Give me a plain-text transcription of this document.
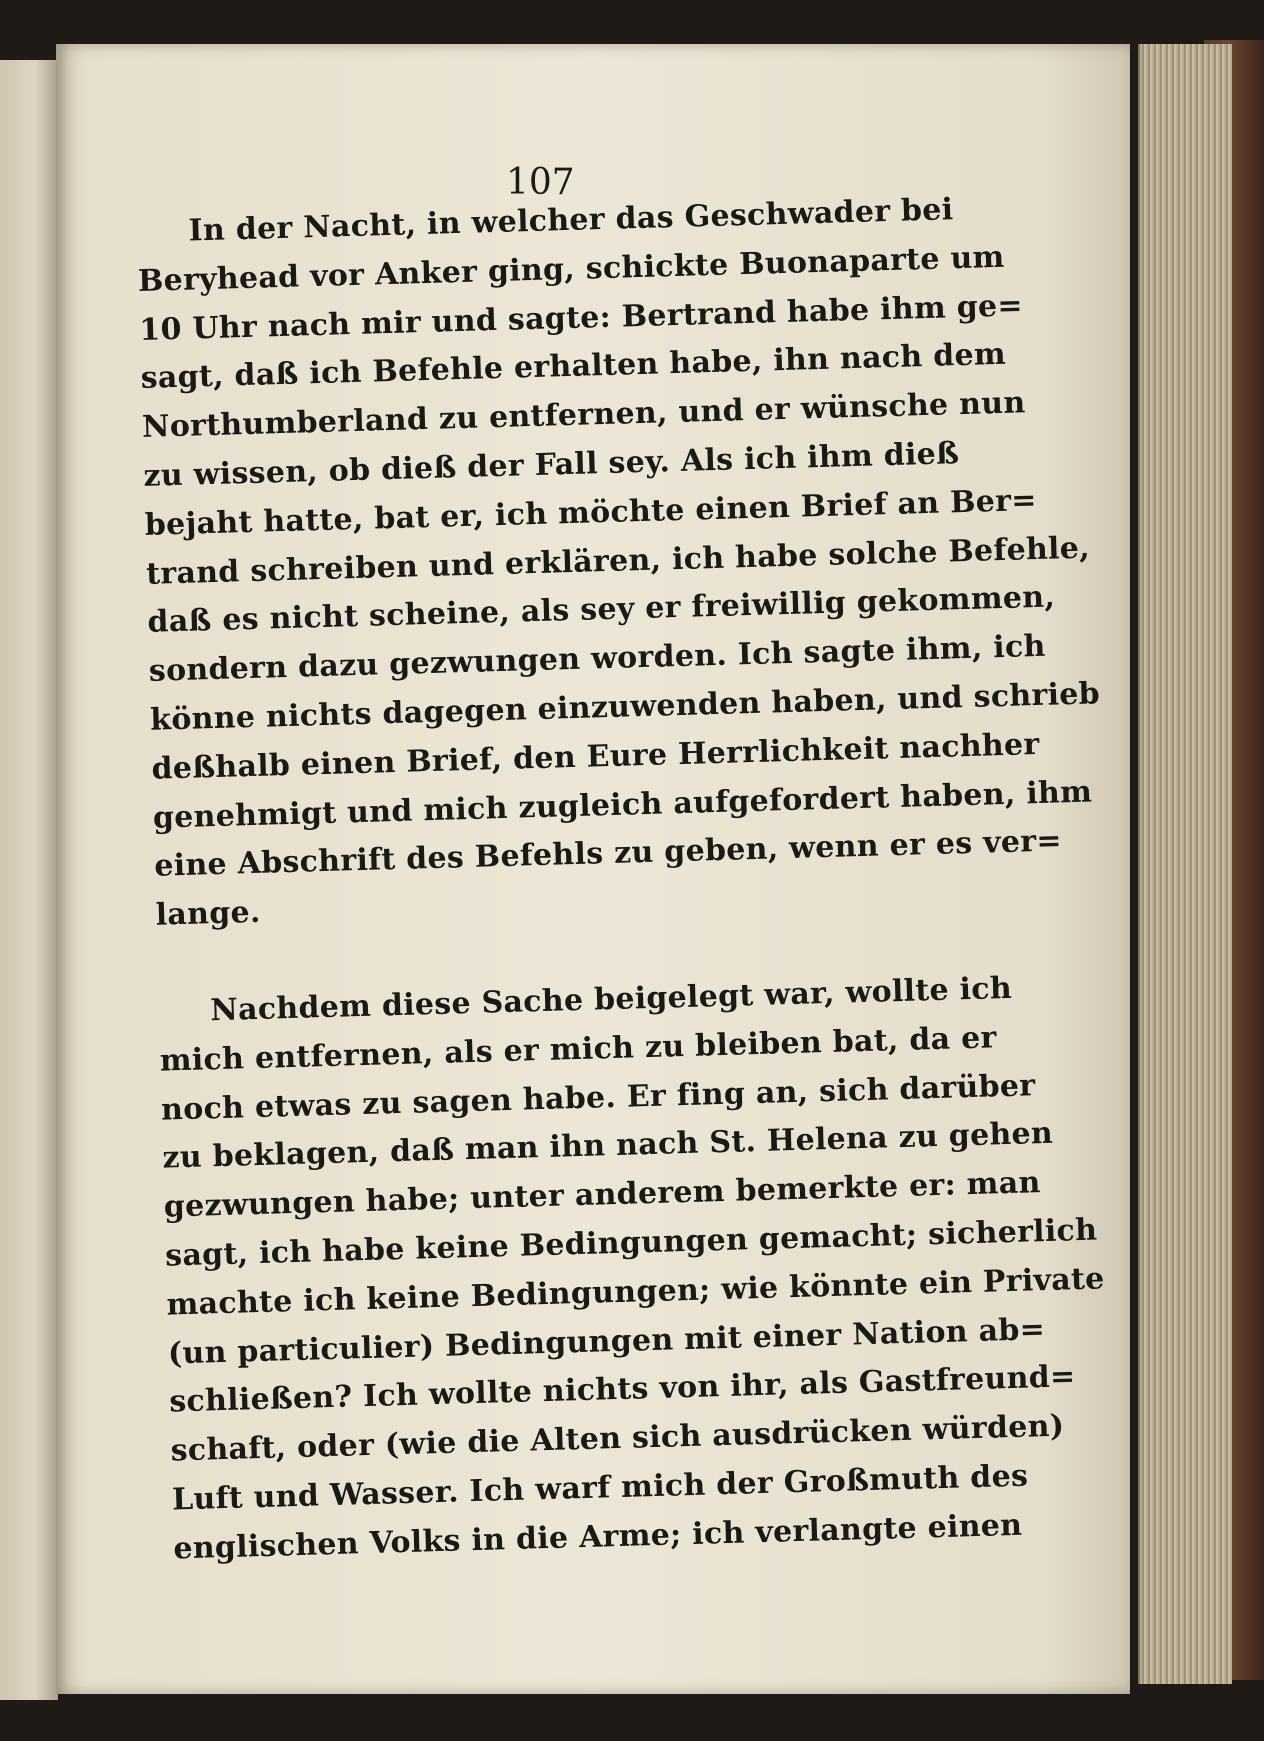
107
In der Nacht, in welcher das Geschwader bei
Beryhead vor Anker ging, schickte Buonaparte um
10 Uhr nach mir und sagte: Bertrand habe ihm ge=
sagt, daß ich Befehle erhalten habe, ihn nach dem
Northumberland zu entfernen, und er wünsche nun
zu wissen, ob dieß der Fall sey. Als ich ihm dieß
bejaht hatte, bat er, ich möchte einen Brief an Ber=
trand schreiben und erklären, ich habe solche Befehle,
daß es nicht scheine, als sey er freiwillig gekommen,
sondern dazu gezwungen worden. Ich sagte ihm, ich
könne nichts dagegen einzuwenden haben, und schrieb
deßhalb einen Brief, den Eure Herrlichkeit nachher
genehmigt und mich zugleich aufgefordert haben, ihm
eine Abschrift des Befehls zu geben, wenn er es ver=
lange.
Nachdem diese Sache beigelegt war, wollte ich
mich entfernen, als er mich zu bleiben bat, da er
noch etwas zu sagen habe. Er fing an, sich darüber
zu beklagen, daß man ihn nach St. Helena zu gehen
gezwungen habe; unter anderem bemerkte er: man
sagt, ich habe keine Bedingungen gemacht; sicherlich
machte ich keine Bedingungen; wie könnte ein Private
(un particulier) Bedingungen mit einer Nation ab=
schließen? Ich wollte nichts von ihr, als Gastfreund=
schaft, oder (wie die Alten sich ausdrücken würden)
Luft und Wasser. Ich warf mich der Großmuth des
englischen Volks in die Arme; ich verlangte einen
